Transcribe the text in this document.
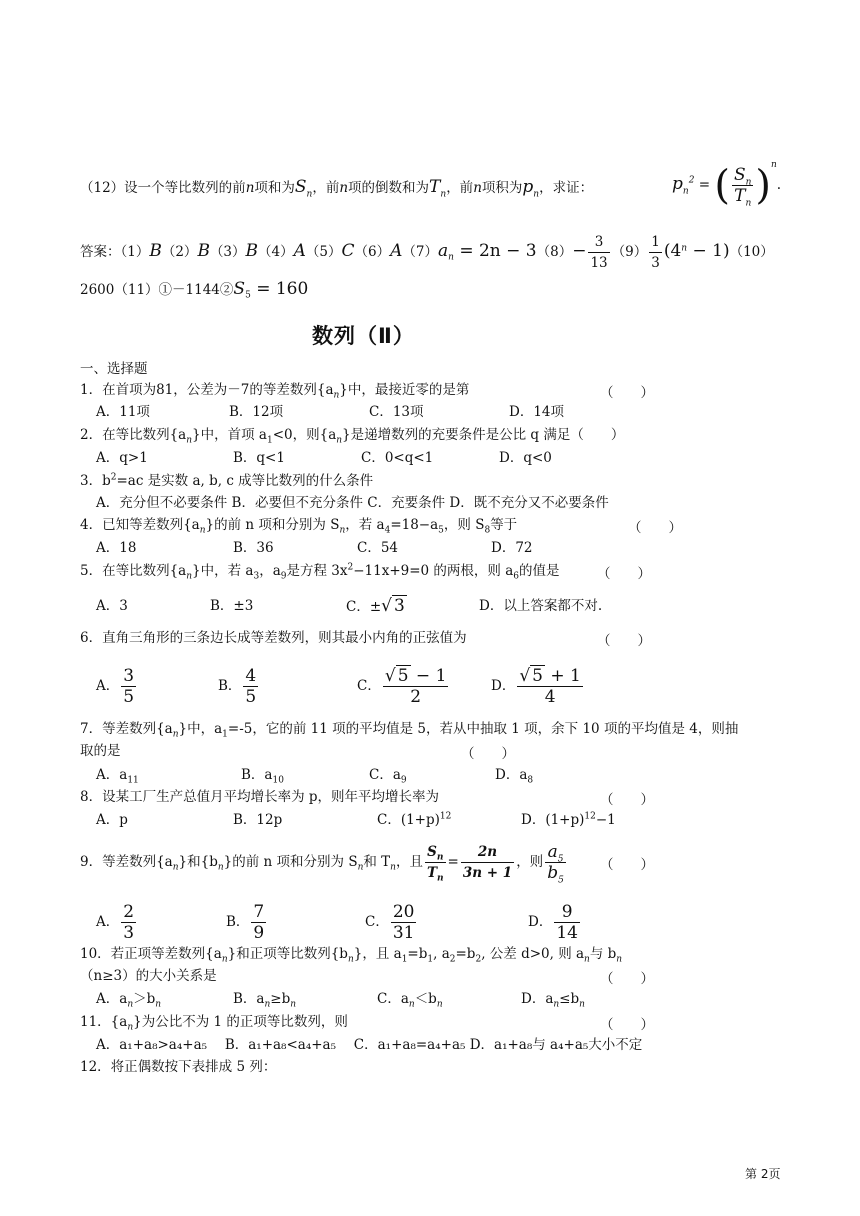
（12）设一个等比数列的前n项和为$S_n$，前n项的倒数和为$T_n$，前n项积为$p_n$，求证：	$p_n^2$ = ( $\frac{S_n}{T_n} )^n$.
答案：$(1)B(2)B(3)B(4)A(5)C(6)A(7)a_n = 2n - 3(8)- \frac{3}{13} (9) \frac{1}{3} (4^n - 1)(10)$
$2600(11)①-1144②S_5 = 160$
数列（Ⅱ）
一、选择题
1．在首项为81，公差为－7的等差数列$\{a_n\}$中，最接近零的是第	（　　）
A．11项	B．12项	C．13项	D．14项
2．在等比数列$\{a_n\}$中，首项 $a_1<0$，则$\{a_n\}$是递增数列的充要条件是公比 q 满足（　　）
A．q>1	B．q<1	C．0<q<1	D．q<0
3．$b^2=ac$ 是实数 a, b, c 成等比数列的什么条件
A．充分但不必要条件 B．必要但不充分条件 C．充要条件 D．既不充分又不必要条件
4．已知等差数列$\{a_n\}$的前 n 项和分别为 $S_n$，若 $a_4=18-a_5$，则 $S_8$等于	（　　）
A．18	B．36	C．54	D．72
5．在等比数列$\{a_n\}$中，若 $a_3$，$a_9$是方程 $3x^2-11x+9=0$ 的两根，则 $a_6$的值是	（　　）
A．3	B．±3	C．±√ 3	D．以上答案都不对.
6．直角三角形的三条边长成等差数列，则其最小内角的正弦值为	（　　）
A． $\frac{3}{5}$	B． $\frac{4}{5}$	C． $\frac{√ 5 - 1}{2}$	D． $\frac{√ 5 + 1}{4}$
7．等差数列$\{a_n\}$中，$a_1=-5$，它的前 11 项的平均值是 5，若从中抽取 1 项，余下 10 项的平均值是 4，则抽
取的是	（　　）
A．$a_{11}$	B．$a_{10}$	C．$a_9$	D．$a_8$
8．设某工厂生产总值月平均增长率为 p，则年平均增长率为	（　　）
A．p	B．12p	C．$(1+p)^{12}$	D．$(1+p)^{12}-1$
9．等差数列$\{a_n\}$和$\{b_n\}$的前 n 项和分别为 $S_n$和 $T_n$，且 $\frac{S_n}{T_n} = \frac{2n}{3n + 1}$ ，则 $\frac{a_5}{b_5}$	（　　）
A． $\frac{2}{3}$	B． $\frac{7}{9}$	C． $\frac{20}{31}$	D． $\frac{9}{14}$
10．若正项等差数列$\{a_n\}$和正项等比数列$\{b_n\}$，且 $a_1=b_1$, $a_2=b_2$, 公差 d>0, 则 $a_n$与 $b_n$
（n≥3）的大小关系是	（　　）
A．$a_n>b_n$	B．$a_n\ge b_n$	C．$a_n<b_n$	D．$a_n\le b_n$
11．$\{a_n\}$为公比不为 1 的正项等比数列，则	（　　）
A．a₁+a₈>a₄+a₅　 B．a₁+a₈<a₄+a₅　 C．a₁+a₈=a₄+a₅ D．a₁+a₈与 a₄+a₅大小不定
12．将正偶数按下表排成 5 列：
第 2页
